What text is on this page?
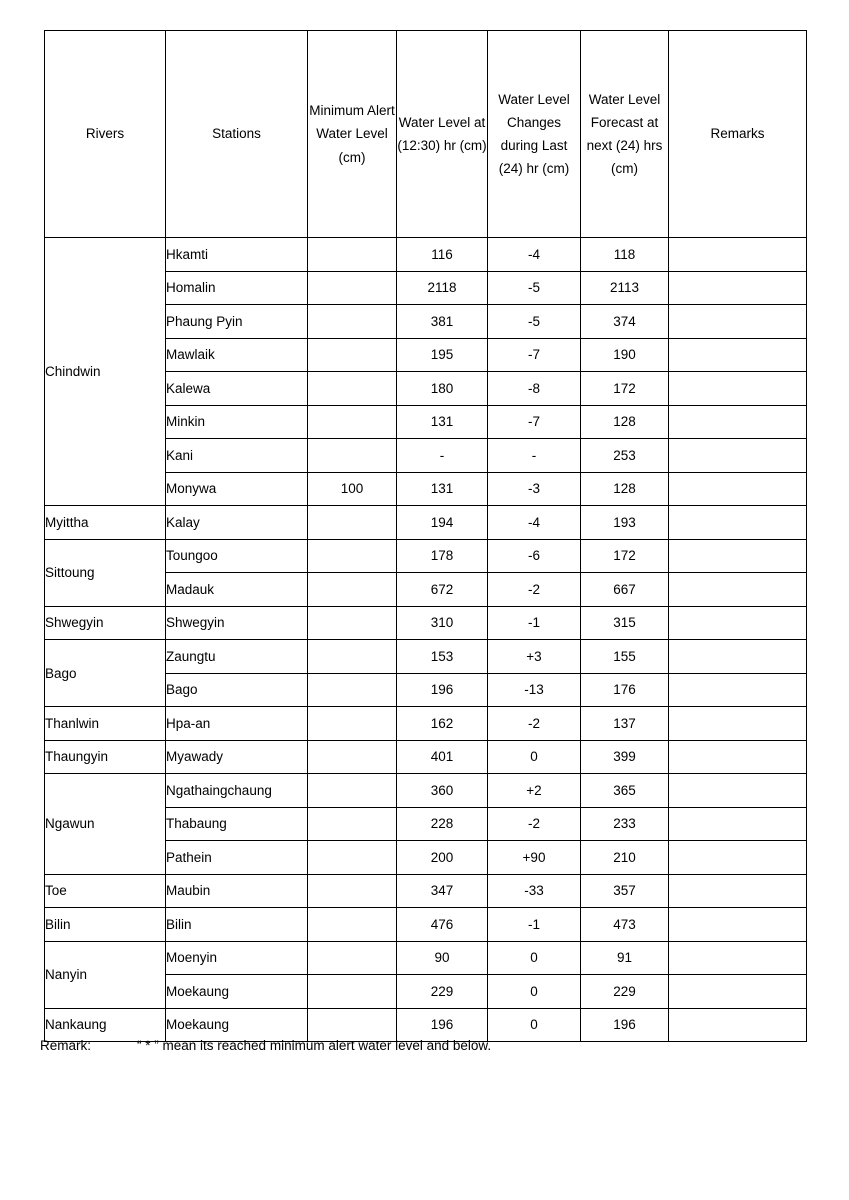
Rivers	Stations	Minimum Alert Water Level (cm)	Water Level at (12:30) hr (cm)	Water Level Changes during Last (24) hr (cm)	Water Level Forecast at next (24) hrs (cm)	Remarks

Chindwin	Hkamti		116	-4	118	
	Homalin		2118	-5	2113	
	Phaung Pyin		381	-5	374	
	Mawlaik		195	-7	190	
	Kalewa		180	-8	172	
	Minkin		131	-7	128	
	Kani		-	-	253	
	Monywa	100	131	-3	128	
Myittha	Kalay		194	-4	193	
Sittoung	Toungoo		178	-6	172	
	Madauk		672	-2	667	
Shwegyin	Shwegyin		310	-1	315	
Bago	Zaungtu		153	+3	155	
	Bago		196	-13	176	
Thanlwin	Hpa-an		162	-2	137	
Thaungyin	Myawady		401	0	399	
Ngawun	Ngathaingchaung		360	+2	365	
	Thabaung		228	-2	233	
	Pathein		200	+90	210	
Toe	Maubin		347	-33	357	
Bilin	Bilin		476	-1	473	
Nanyin	Moenyin		90	0	91	
	Moekaung		229	0	229	
Nankaung	Moekaung		196	0	196	
Remark:	“ * ” mean its reached minimum alert water level and below.
